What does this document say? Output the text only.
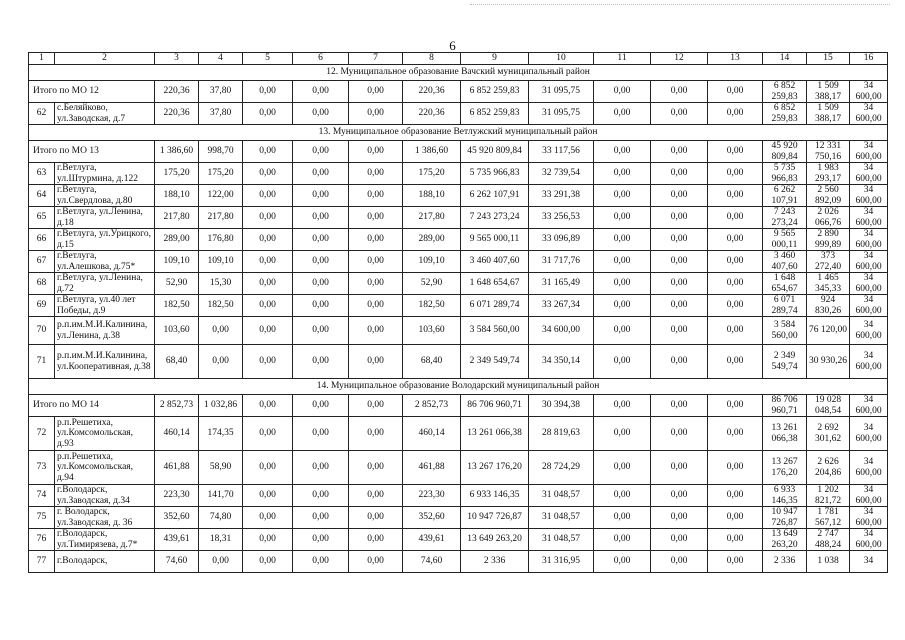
6
1	2	3	4	5	6	7	8	9	10	11	12	13	14	15	16
12. Муниципальное образование Вачский муниципальный район															
Итого по МО 12		220,36	37,80	0,00	0,00	0,00	220,36	6 852 259,83	31 095,75	0,00	0,00	0,00	6 852 259,83	1 509 388,17	34 600,00
62	с.Беляйково, ул.Заводская, д.7	220,36	37,80	0,00	0,00	0,00	220,36	6 852 259,83	31 095,75	0,00	0,00	0,00	6 852 259,83	1 509 388,17	34 600,00
13. Муниципальное образование Ветлужский муниципальный район															
Итого по МО 13		1 386,60	998,70	0,00	0,00	0,00	1 386,60	45 920 809,84	33 117,56	0,00	0,00	0,00	45 920 809,84	12 331 750,16	34 600,00
63	г.Ветлуга, ул.Штурмина, д.122	175,20	175,20	0,00	0,00	0,00	175,20	5 735 966,83	32 739,54	0,00	0,00	0,00	5 735 966,83	1 983 293,17	34 600,00
64	г.Ветлуга, ул.Свердлова, д.80	188,10	122,00	0,00	0,00	0,00	188,10	6 262 107,91	33 291,38	0,00	0,00	0,00	6 262 107,91	2 560 892,09	34 600,00
65	г.Ветлуга, ул.Ленина, д.18	217,80	217,80	0,00	0,00	0,00	217,80	7 243 273,24	33 256,53	0,00	0,00	0,00	7 243 273,24	2 026 066,76	34 600,00
66	г.Ветлуга, ул.Урицкого, д.15	289,00	176,80	0,00	0,00	0,00	289,00	9 565 000,11	33 096,89	0,00	0,00	0,00	9 565 000,11	2 890 999,89	34 600,00
67	г.Ветлуга, ул.Алешкова, д.75*	109,10	109,10	0,00	0,00	0,00	109,10	3 460 407,60	31 717,76	0,00	0,00	0,00	3 460 407,60	373 272,40	34 600,00
68	г.Ветлуга, ул.Ленина, д.72	52,90	15,30	0,00	0,00	0,00	52,90	1 648 654,67	31 165,49	0,00	0,00	0,00	1 648 654,67	1 465 345,33	34 600,00
69	г.Ветлуга, ул.40 лет Победы, д.9	182,50	182,50	0,00	0,00	0,00	182,50	6 071 289,74	33 267,34	0,00	0,00	0,00	6 071 289,74	924 830,26	34 600,00
70	р.п.им.М.И.Калинина, ул.Ленина, д.38	103,60	0,00	0,00	0,00	0,00	103,60	3 584 560,00	34 600,00	0,00	0,00	0,00	3 584 560,00	76 120,00	34 600,00
71	р.п.им.М.И.Калинина, ул.Кооперативная, д.38	68,40	0,00	0,00	0,00	0,00	68,40	2 349 549,74	34 350,14	0,00	0,00	0,00	2 349 549,74	30 930,26	34 600,00
14. Муниципальное образование Володарский муниципальный район															
Итого по МО 14		2 852,73	1 032,86	0,00	0,00	0,00	2 852,73	86 706 960,71	30 394,38	0,00	0,00	0,00	86 706 960,71	19 028 048,54	34 600,00
72	р.п.Решетиха, ул.Комсомольская, д.93	460,14	174,35	0,00	0,00	0,00	460,14	13 261 066,38	28 819,63	0,00	0,00	0,00	13 261 066,38	2 692 301,62	34 600,00
73	р.п.Решетиха, ул.Комсомольская, д.94	461,88	58,90	0,00	0,00	0,00	461,88	13 267 176,20	28 724,29	0,00	0,00	0,00	13 267 176,20	2 626 204,86	34 600,00
74	г.Володарск, ул.Заводская, д.34	223,30	141,70	0,00	0,00	0,00	223,30	6 933 146,35	31 048,57	0,00	0,00	0,00	6 933 146,35	1 202 821,72	34 600,00
75	г. Володарск, ул.Заводская, д. 36	352,60	74,80	0,00	0,00	0,00	352,60	10 947 726,87	31 048,57	0,00	0,00	0,00	10 947 726,87	1 781 567,12	34 600,00
76	г.Володарск, ул.Тимирязева, д.7*	439,61	18,31	0,00	0,00	0,00	439,61	13 649 263,20	31 048,57	0,00	0,00	0,00	13 649 263,20	2 747 488,24	34 600,00
77	г.Володарск,	74,60	0,00	0,00	0,00	0,00	74,60	2 336	31 316,95	0,00	0,00	0,00	2 336	1 038	34
